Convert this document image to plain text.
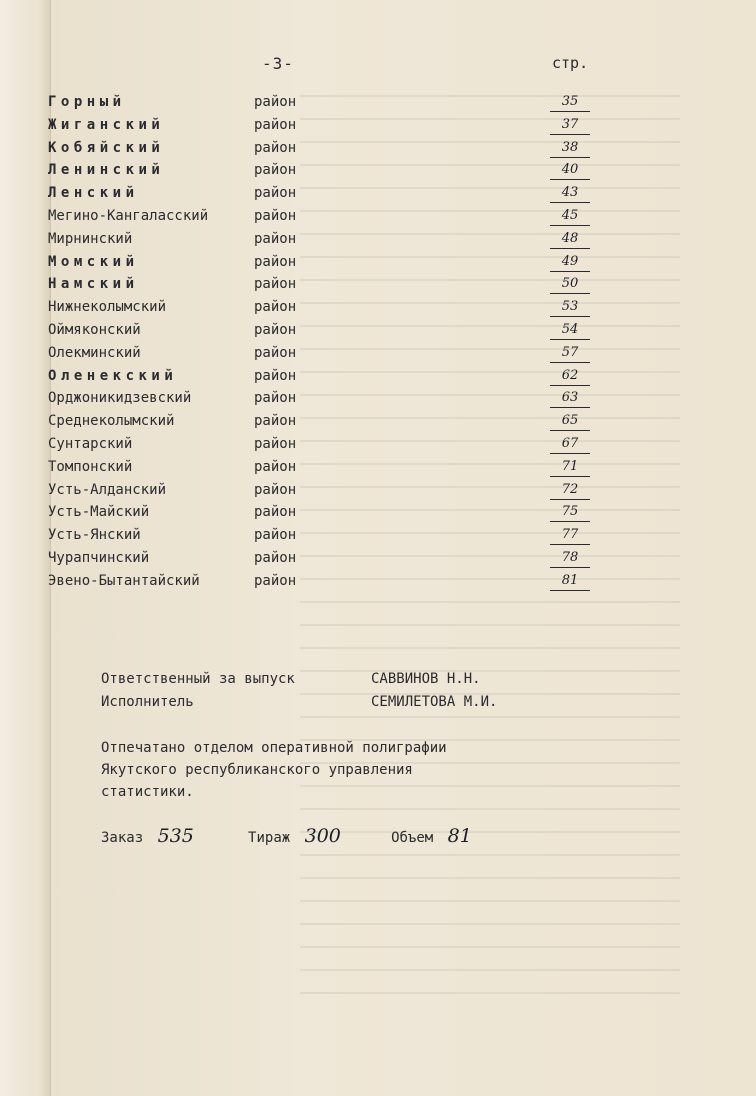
-3-	стр.
Горный	район	35
Жиганский	район	37
Кобяйский	район	38
Ленинский	район	40
Ленский	район	43
Мегино-Кангаласский	район	45
Мирнинский	район	48
Момский	район	49
Намский	район	50
Нижнеколымский	район	53
Оймяконский	район	54
Олекминский	район	57
Оленекский	район	62
Орджоникидзевский	район	63
Среднеколымский	район	65
Сунтарский	район	67
Томпонский	район	71
Усть-Алданский	район	72
Усть-Майский	район	75
Усть-Янский	район	77
Чурапчинский	район	78
Эвено-Бытантайский	район	81
Ответственный за выпуск	САВВИНОВ Н.Н.
Исполнитель	СЕМИЛЕТОВА М.И.
Отпечатано отделом оперативной полиграфии
Якутского республиканского управления
статистики.
Заказ 535	Тираж 300	Объем 81
